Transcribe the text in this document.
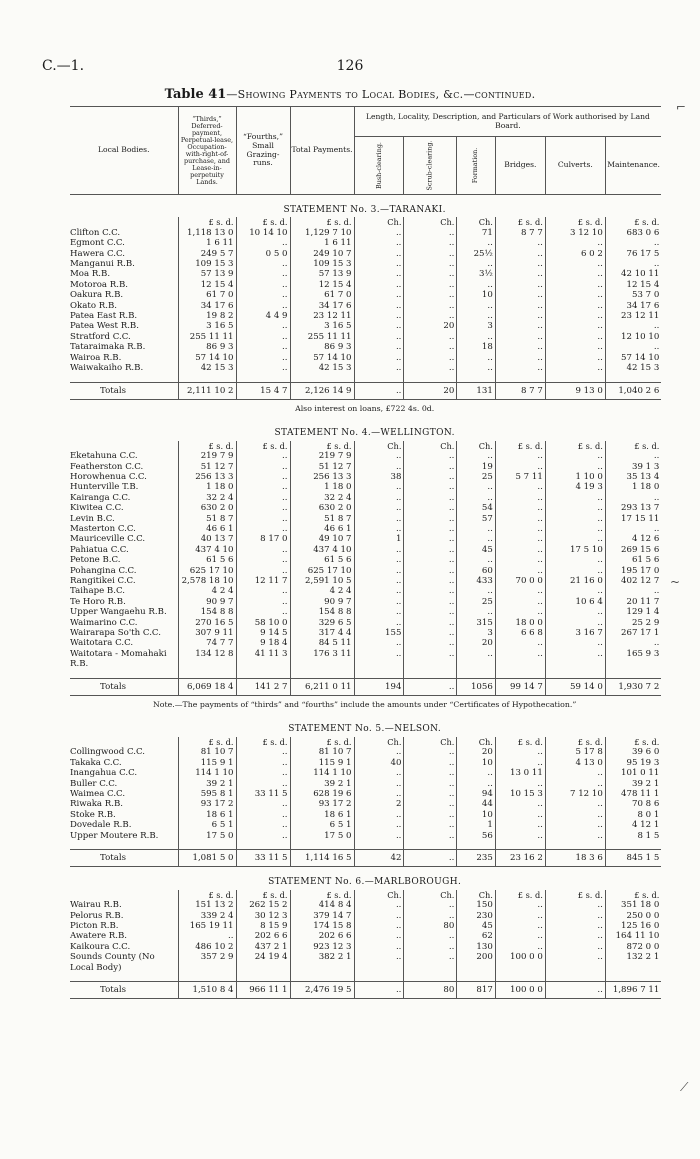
C.—1.	126
Table 41—Showing Payments to Local Bodies, &c.—continued.
Local Bodies.	“Thirds,” Deferred-payment, Perpetual-lease, Occupation-with-right-of-purchase, and Lease-in-perpetuity Lands.	“Fourths,” Small Grazing-runs.	Total Payments.	Length, Locality, Description, and Particulars of Work authorised by Land Board.					
				Bush-clearing.	Scrub-clearing.	Formation.	Bridges.	Culverts.	Maintenance.
STATEMENT No. 3.—TARANAKI.									
	£ s. d.	£ s. d.	£ s. d.	Ch.	Ch.	Ch.	£ s. d.	£ s. d.	£ s. d.
Clifton C.C.	1,118 13 0	10 14 10	1,129 7 10	..	..	71	8 7 7	3 12 10	683 0 6
Egmont C.C.	1 6 11	..	1 6 11	..	..	..	..	..	..
Hawera C.C.	249 5 7	0 5 0	249 10 7	..	..	25½	..	6 0 2	76 17 5
Manganui R.B.	109 15 3	..	109 15 3	..	..	..	..	..	..
Moa R.B.	57 13 9	..	57 13 9	..	..	3½	..	..	42 10 11
Motoroa R.B.	12 15 4	..	12 15 4	..	..	..	..	..	12 15 4
Oakura R.B.	61 7 0	..	61 7 0	..	..	10	..	..	53 7 0
Okato R.B.	34 17 6	..	34 17 6	..	..	..	..	..	34 17 6
Patea East R.B.	19 8 2	4 4 9	23 12 11	..	..	..	..	..	23 12 11
Patea West R.B.	3 16 5	..	3 16 5	..	20	3	..	..	..
Stratford C.C.	255 11 11	..	255 11 11	..	..	..	..	..	12 10 10
Tataraimaka R.B.	86 9 3	..	86 9 3	..	..	18	..	..	..
Wairoa R.B.	57 14 10	..	57 14 10	..	..	..	..	..	57 14 10
Waiwakaiho R.B.	42 15 3	..	42 15 3	..	..	..	..	..	42 15 3

Totals	2,111 10 2	15 4 7	2,126 14 9	..	20	131	8 7 7	9 13 0	1,040 2 6
Also interest on loans, £722 4s. 0d.									
STATEMENT No. 4.—WELLINGTON.									
	£ s. d.	£ s. d.	£ s. d.	Ch.	Ch.	Ch.	£ s. d.	£ s. d.	£ s. d.
Eketahuna C.C.	219 7 9	..	219 7 9	..	..	..	..	..	..
Featherston C.C.	51 12 7	..	51 12 7	..	..	19	..	..	39 1 3
Horowhenua C.C.	256 13 3	..	256 13 3	38	..	25	5 7 11	1 10 0	35 13 4
Hunterville T.B.	1 18 0	..	1 18 0	..	..	..	..	4 19 3	1 18 0
Kairanga C.C.	32 2 4	..	32 2 4	..	..	..	..	..	..
Kiwitea C.C.	630 2 0	..	630 2 0	..	..	54	..	..	293 13 7
Levin B.C.	51 8 7	..	51 8 7	..	..	57	..	..	17 15 11
Masterton C.C.	46 6 1	..	46 6 1	..	..	..	..	..	..
Mauriceville C.C.	40 13 7	8 17 0	49 10 7	1	..	..	..	..	4 12 6
Pahiatua C.C.	437 4 10	..	437 4 10	..	..	45	..	17 5 10	269 15 6
Petone B.C.	61 5 6	..	61 5 6	..	..	..	..	..	61 5 6
Pohangina C.C.	625 17 10	..	625 17 10	..	..	60	..	..	195 17 0
Rangitikei C.C.	2,578 18 10	12 11 7	2,591 10 5	..	..	433	70 0 0	21 16 0	402 12 7
Taihape B.C.	4 2 4	..	4 2 4	..	..	..	..	..	..
Te Horo R.B.	90 9 7	..	90 9 7	..	..	25	..	10 6 4	20 11 7
Upper Wangaehu R.B.	154 8 8	..	154 8 8	..	..	..	..	..	129 1 4
Waimarino C.C.	270 16 5	58 10 0	329 6 5	..	..	315	18 0 0	..	25 2 9
Wairarapa So'th C.C.	307 9 11	9 14 5	317 4 4	155	..	3	6 6 8	3 16 7	267 17 1
Waitotara C.C.	74 7 7	9 18 4	84 5 11	..	..	20	..	..	..
Waitotara - Momahaki R.B.	134 12 8	41 11 3	176 3 11	..	..	..	..	..	165 9 3

Totals	6,069 18 4	141 2 7	6,211 0 11	194	..	1056	99 14 7	59 14 0	1,930 7 2
Note.—The payments of “thirds” and “fourths” include the amounts under “Certificates of Hypothecation.”									
STATEMENT No. 5.—NELSON.									
	£ s. d.	£ s. d.	£ s. d.	Ch.	Ch.	Ch.	£ s. d.	£ s. d.	£ s. d.
Collingwood C.C.	81 10 7	..	81 10 7	..	..	20	..	5 17 8	39 6 0
Takaka C.C.	115 9 1	..	115 9 1	40	..	10	..	4 13 0	95 19 3
Inangahua C.C.	114 1 10	..	114 1 10	..	..	..	13 0 11	..	101 0 11
Buller C.C.	39 2 1	..	39 2 1	..	..	..	..	..	39 2 1
Waimea C.C.	595 8 1	33 11 5	628 19 6	..	..	94	10 15 3	7 12 10	478 11 1
Riwaka R.B.	93 17 2	..	93 17 2	2	..	44	..	..	70 8 6
Stoke R.B.	18 6 1	..	18 6 1	..	..	10	..	..	8 0 1
Dovedale R.B.	6 5 1	..	6 5 1	..	..	1	..	..	4 12 1
Upper Moutere R.B.	17 5 0	..	17 5 0	..	..	56	..	..	8 1 5

Totals	1,081 5 0	33 11 5	1,114 16 5	42	..	235	23 16 2	18 3 6	845 1 5
STATEMENT No. 6.—MARLBOROUGH.									
	£ s. d.	£ s. d.	£ s. d.	Ch.	Ch.	Ch.	£ s. d.	£ s. d.	£ s. d.
Wairau R.B.	151 13 2	262 15 2	414 8 4	..	..	150	..	..	351 18 0
Pelorus R.B.	339 2 4	30 12 3	379 14 7	..	..	230	..	..	250 0 0
Picton R.B.	165 19 11	8 15 9	174 15 8	..	80	45	..	..	125 16 0
Awatere R.B.	..	202 6 6	202 6 6	..	..	62	..	..	164 11 10
Kaikoura C.C.	486 10 2	437 2 1	923 12 3	..	..	130	..	..	872 0 0
Sounds County (No Local Body)	357 2 9	24 19 4	382 2 1	..	..	200	100 0 0	..	132 2 1

Totals	1,510 8 4	966 11 1	2,476 19 5	..	80	817	100 0 0	..	1,896 7 11
⌐
~
⟋
